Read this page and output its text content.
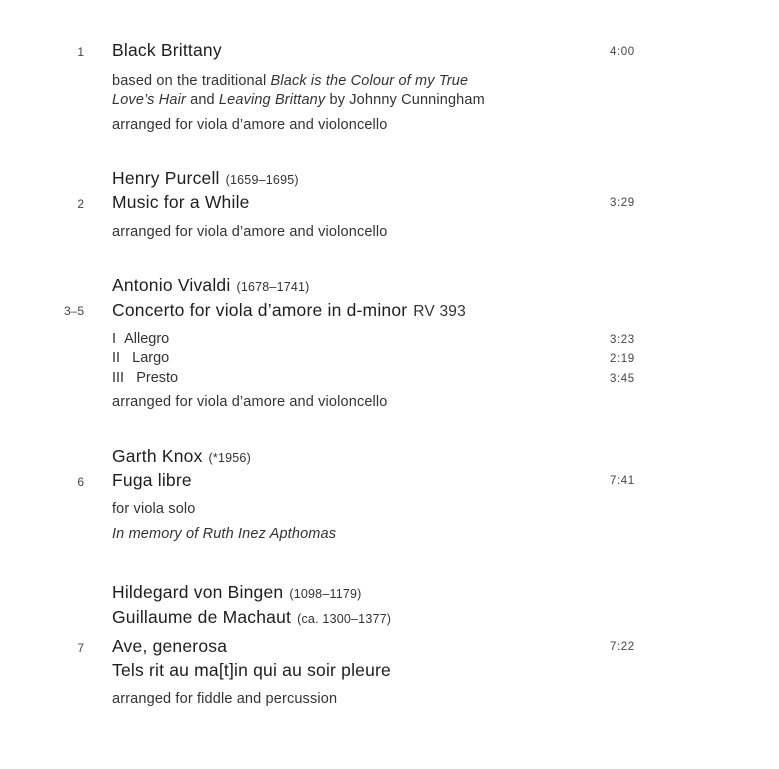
1 Black Brittany	4:00
based on the traditional Black is the Colour of my True
Love’s Hair and Leaving Brittany by Johnny Cunningham
arranged for viola d’amore and violoncello
Henry Purcell (1659–1695)
2 Music for a While	3:29
arranged for viola d’amore and violoncello
Antonio Vivaldi (1678–1741)
3–5 Concerto for viola d’amore in d-minor RV 393
I Allegro	3:23
II Largo	2:19
III Presto	3:45
arranged for viola d’amore and violoncello
Garth Knox (*1956)
6 Fuga libre	7:41
for viola solo
In memory of Ruth Inez Apthomas
Hildegard von Bingen (1098–1179)
Guillaume de Machaut (ca. 1300–1377)
7 Ave, generosa	7:22
Tels rit au ma[t]in qui au soir pleure
arranged for fiddle and percussion
